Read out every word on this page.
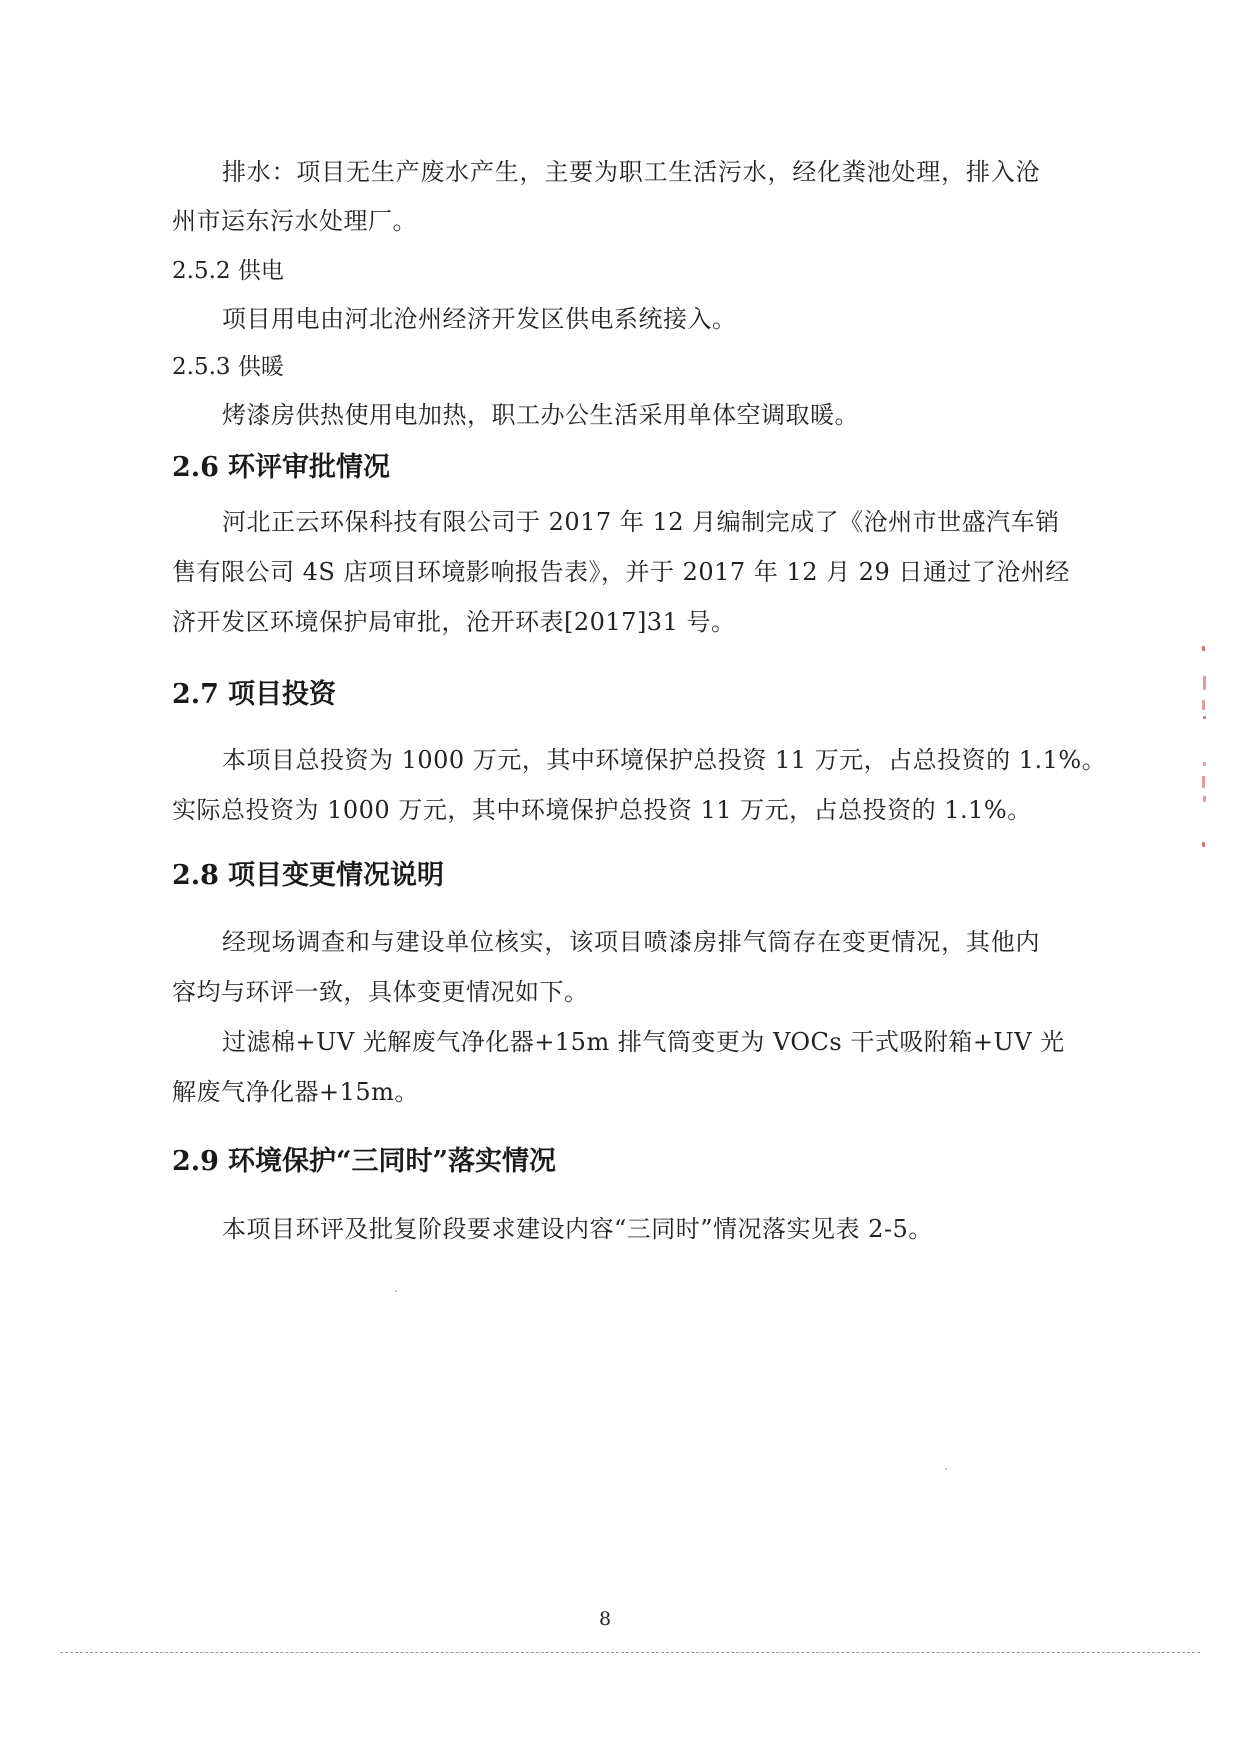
排水：项目无生产废水产生，主要为职工生活污水，经化粪池处理，排入沧
州市运东污水处理厂。
2.5.2 供电
项目用电由河北沧州经济开发区供电系统接入。
2.5.3 供暖
烤漆房供热使用电加热，职工办公生活采用单体空调取暖。
2.6 环评审批情况
河北正云环保科技有限公司于 2017 年 12 月编制完成了《沧州市世盛汽车销
售有限公司 4S 店项目环境影响报告表》，并于 2017 年 12 月 29 日通过了沧州经
济开发区环境保护局审批，沧开环表[2017]31 号。
2.7 项目投资
本项目总投资为 1000 万元，其中环境保护总投资 11 万元，占总投资的 1.1%。
实际总投资为 1000 万元，其中环境保护总投资 11 万元，占总投资的 1.1%。
2.8 项目变更情况说明
经现场调查和与建设单位核实，该项目喷漆房排气筒存在变更情况，其他内
容均与环评一致，具体变更情况如下。
过滤棉+UV 光解废气净化器+15m 排气筒变更为 VOCs 干式吸附箱+UV 光
解废气净化器+15m。
2.9 环境保护“三同时”落实情况
本项目环评及批复阶段要求建设内容“三同时”情况落实见表 2-5。
8
